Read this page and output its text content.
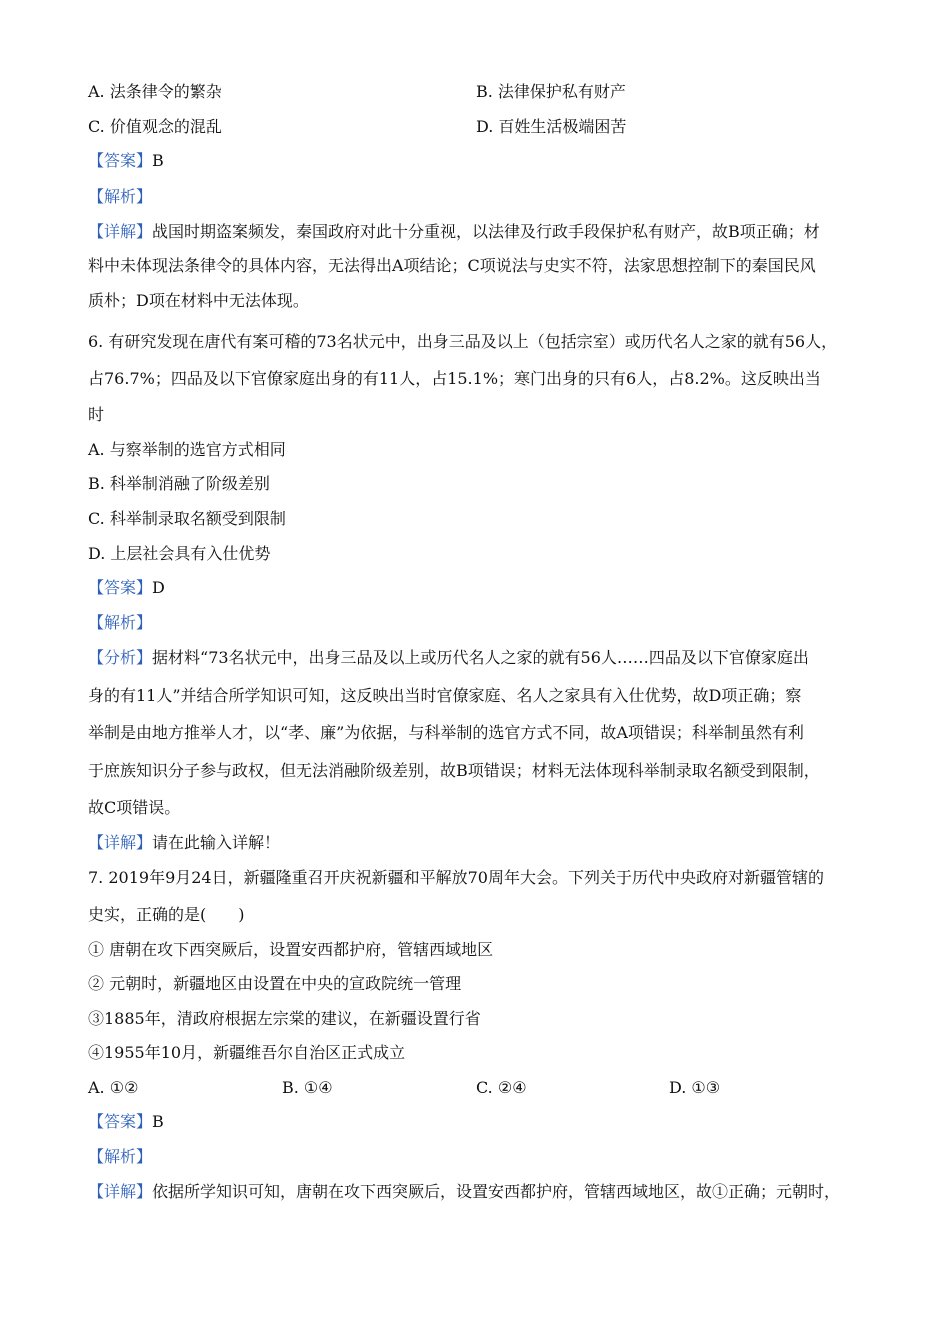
A. 法条律令的繁杂	B. 法律保护私有财产
C. 价值观念的混乱	D. 百姓生活极端困苦
【答案】B
【解析】
【详解】战国时期盗案频发，秦国政府对此十分重视，以法律及行政手段保护私有财产，故B项正确；材
料中未体现法条律令的具体内容，无法得出A项结论；C项说法与史实不符，法家思想控制下的秦国民风
质朴；D项在材料中无法体现。
6. 有研究发现在唐代有案可稽的73名状元中，出身三品及以上（包括宗室）或历代名人之家的就有56人，
占76.7%；四品及以下官僚家庭出身的有11人，占15.1%；寒门出身的只有6人，占8.2%。这反映出当
时
A. 与察举制的选官方式相同
B. 科举制消融了阶级差别
C. 科举制录取名额受到限制
D. 上层社会具有入仕优势
【答案】D
【解析】
【分析】据材料“73名状元中，出身三品及以上或历代名人之家的就有56人……四品及以下官僚家庭出
身的有11人”并结合所学知识可知，这反映出当时官僚家庭、名人之家具有入仕优势，故D项正确；察
举制是由地方推举人才，以“孝、廉”为依据，与科举制的选官方式不同，故A项错误；科举制虽然有利
于庶族知识分子参与政权，但无法消融阶级差别，故B项错误；材料无法体现科举制录取名额受到限制，
故C项错误。
【详解】请在此输入详解！
7. 2019年9月24日，新疆隆重召开庆祝新疆和平解放70周年大会。下列关于历代中央政府对新疆管辖的
史实，正确的是(　　)
① 唐朝在攻下西突厥后，设置安西都护府，管辖西域地区
② 元朝时，新疆地区由设置在中央的宣政院统一管理
③1885年，清政府根据左宗棠的建议，在新疆设置行省
④1955年10月，新疆维吾尔自治区正式成立
A. ①②	B. ①④	C. ②④	D. ①③
【答案】B
【解析】
【详解】依据所学知识可知，唐朝在攻下西突厥后，设置安西都护府，管辖西域地区，故①正确；元朝时，
